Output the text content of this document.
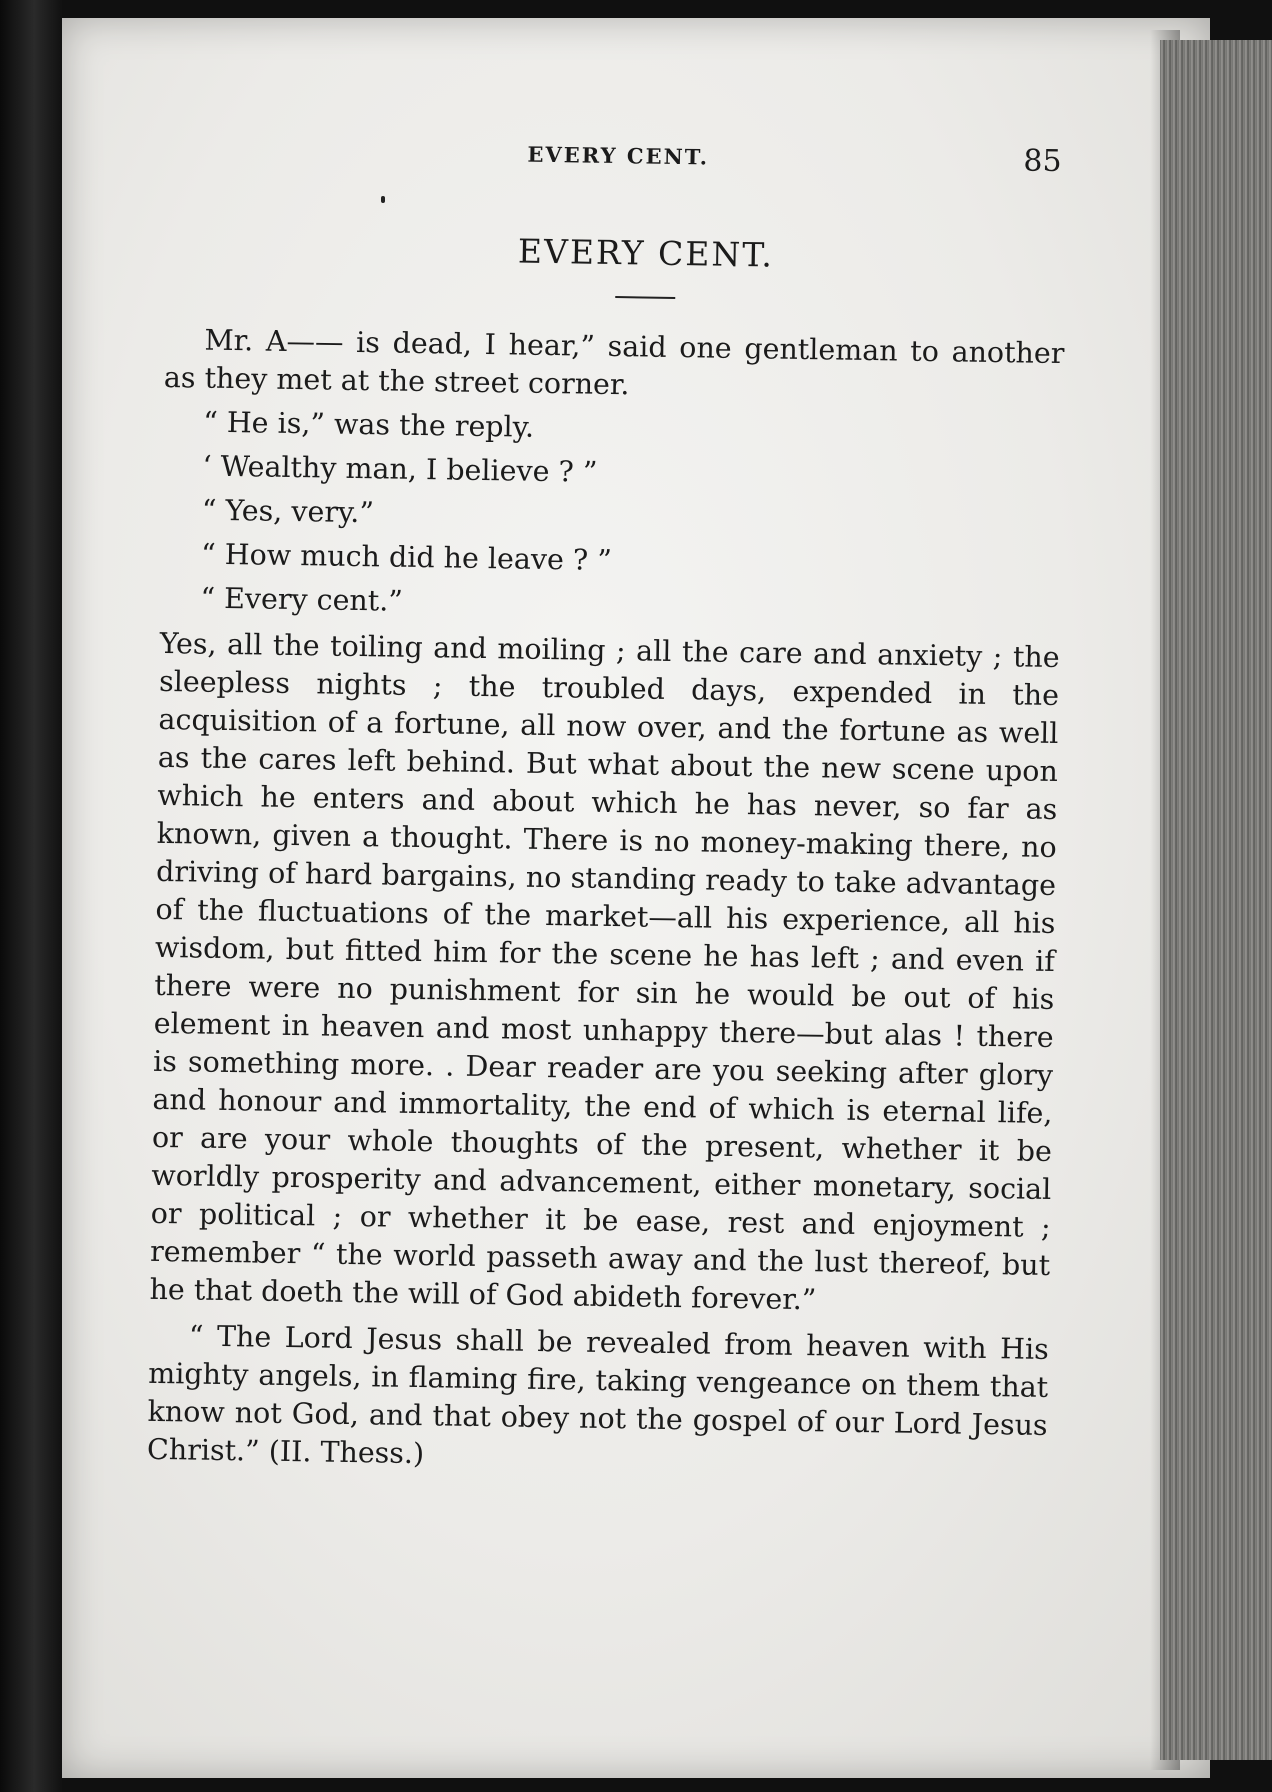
EVERY CENT.	85
EVERY CENT.

Mr. A—— is dead, I hear,” said one gentleman to another as they met at the street corner.

“ He is,” was the reply.

‘ Wealthy man, I believe ? ”

“ Yes, very.”

“ How much did he leave ? ”

“ Every cent.”

Yes, all the toiling and moiling ; all the care and anxiety ; the sleepless nights ; the troubled days, expended in the acquisition of a fortune, all now over, and the fortune as well as the cares left behind. But what about the new scene upon which he enters and about which he has never, so far as known, given a thought. There is no money-making there, no driving of hard bargains, no standing ready to take advantage of the fluctuations of the market—all his experience, all his wisdom, but fitted him for the scene he has left ; and even if there were no punishment for sin he would be out of his element in heaven and most unhappy there—but alas ! there is something more. . Dear reader are you seeking after glory and honour and immortality, the end of which is eternal life, or are your whole thoughts of the present, whether it be worldly prosperity and advancement, either monetary, social or political ; or whether it be ease, rest and enjoyment ; remember “ the world passeth away and the lust thereof, but he that doeth the will of God abideth forever.”

“ The Lord Jesus shall be revealed from heaven with His mighty angels, in flaming fire, taking vengeance on them that know not God, and that obey not the gospel of our Lord Jesus Christ.” (II. Thess.)
